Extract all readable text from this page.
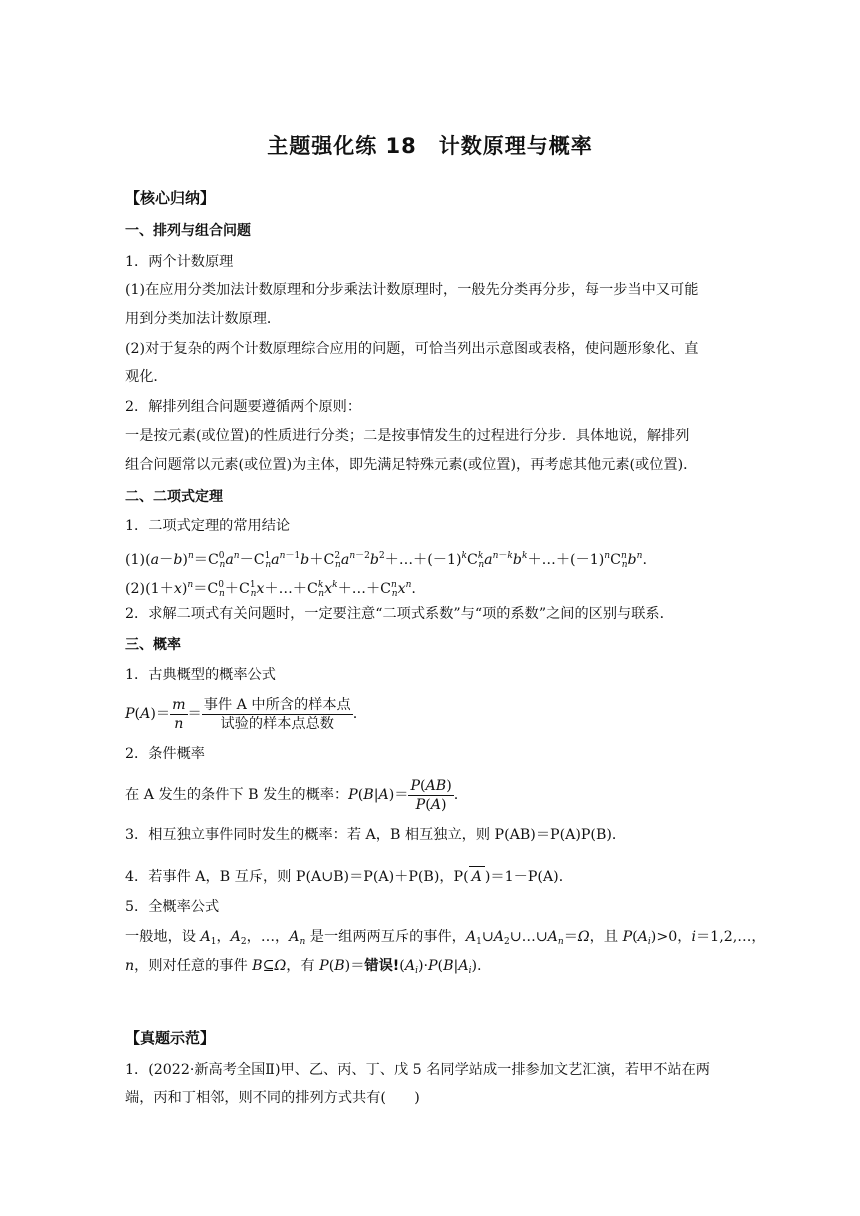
主题强化练 18　计数原理与概率
【核心归纳】
一、排列与组合问题
1．两个计数原理
(1)在应用分类加法计数原理和分步乘法计数原理时，一般先分类再分步，每一步当中又可能
用到分类加法计数原理．
(2)对于复杂的两个计数原理综合应用的问题，可恰当列出示意图或表格，使问题形象化、直
观化．
2．解排列组合问题要遵循两个原则：
一是按元素(或位置)的性质进行分类；二是按事情发生的过程进行分步．具体地说，解排列
组合问题常以元素(或位置)为主体，即先满足特殊元素(或位置)，再考虑其他元素(或位置)．
二、二项式定理
1．二项式定理的常用结论
$(1)(a-b)^n=C^0_na^n-C^1_na^{n-1}b+C^2_na^{n-2}b^2+\dots+(-1)^kC^k_na^{n-k}b^k+\dots+(-1)^nC^n_nb^n$.
$(2)(1+x)^n=C^0_n+C^1_nx+\dots+C^k_nx^k+\dots+C^n_nx^n$.
2．求解二项式有关问题时，一定要注意“二项式系数”与“项的系数”之间的区别与联系．
三、概率
1．古典概型的概率公式
$P(A)= \frac{m}{n} = \frac{\text{事件 A 中所含的样本点}}{\text{试验的样本点总数}}$ .
2．条件概率
在 A 发生的条件下 B 发生的概率：$P(B|A)= \frac{P(AB)}{P(A)}$ .
3．相互独立事件同时发生的概率：若 A，B 相互独立，则 P(AB)＝P(A)P(B)．
4．若事件 A，B 互斥，则 P(A∪B)＝P(A)＋P(B)，P( A )＝1－P(A)．
5．全概率公式
一般地，设 $A_1$，$A_2$，…，$A_n$ 是一组两两互斥的事件，$A_1\cup A_2\cup\dots\cup A_n=\Omega$，且 $P(A_i)>0$，i＝1,2,…，
n，则对任意的事件 B⊆Ω，有 P(B)＝错误$!(A_i)\cdot P(B|A_i)$.
【真题示范】
1．(2022·新高考全国Ⅱ)甲、乙、丙、丁、戊 5 名同学站成一排参加文艺汇演，若甲不站在两
端，丙和丁相邻，则不同的排列方式共有(　　)
